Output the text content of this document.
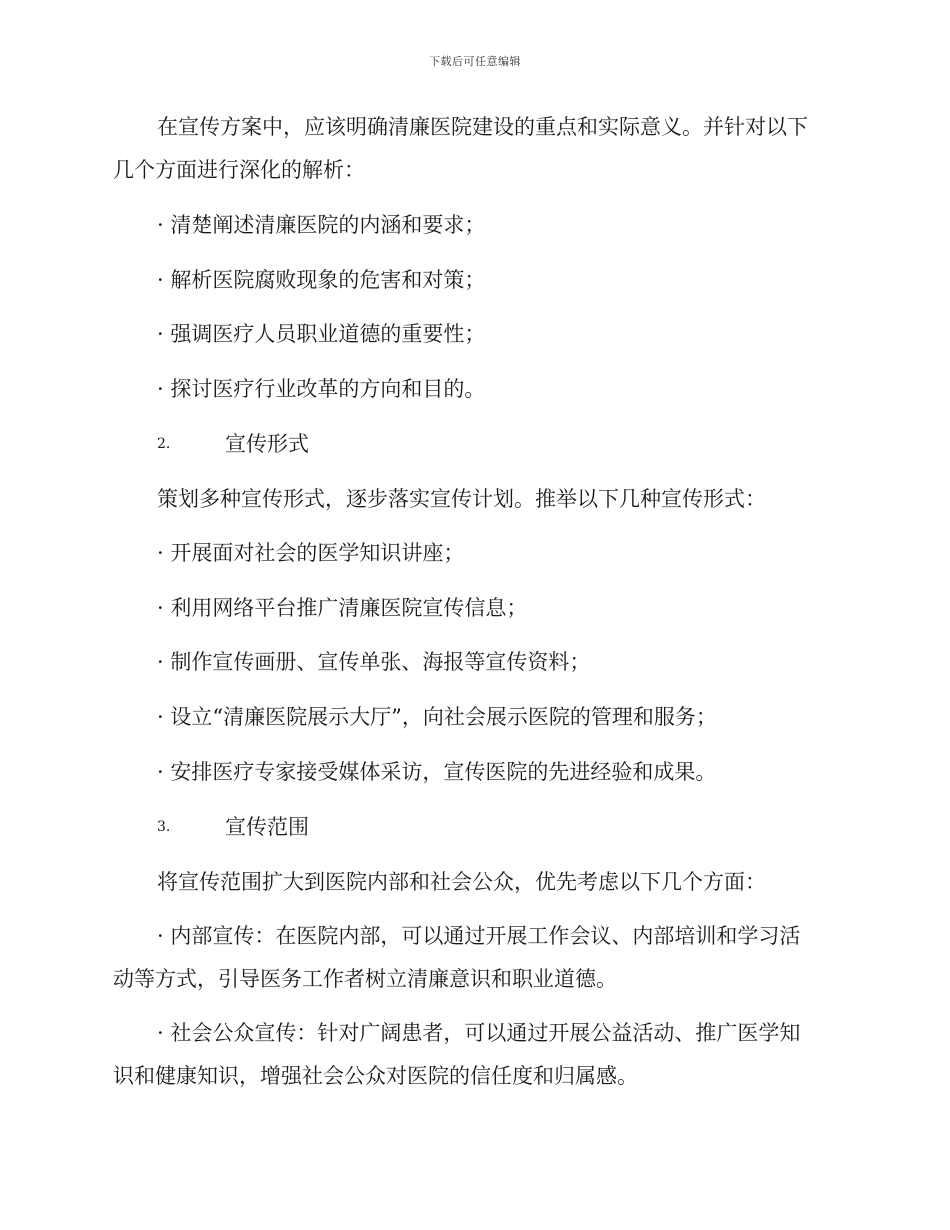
下载后可任意编辑
在宣传方案中，应该明确清廉医院建设的重点和实际意义。并针对以下
几个方面进行深化的解析：
· 清楚阐述清廉医院的内涵和要求；
· 解析医院腐败现象的危害和对策；
· 强调医疗人员职业道德的重要性；
· 探讨医疗行业改革的方向和目的。
2.	宣传形式
策划多种宣传形式，逐步落实宣传计划。推举以下几种宣传形式：
· 开展面对社会的医学知识讲座；
· 利用网络平台推广清廉医院宣传信息；
· 制作宣传画册、宣传单张、海报等宣传资料；
· 设立“清廉医院展示大厅”，向社会展示医院的管理和服务；
· 安排医疗专家接受媒体采访，宣传医院的先进经验和成果。
3.	宣传范围
将宣传范围扩大到医院内部和社会公众，优先考虑以下几个方面：
· 内部宣传：在医院内部，可以通过开展工作会议、内部培训和学习活
动等方式，引导医务工作者树立清廉意识和职业道德。
· 社会公众宣传：针对广阔患者，可以通过开展公益活动、推广医学知
识和健康知识，增强社会公众对医院的信任度和归属感。
